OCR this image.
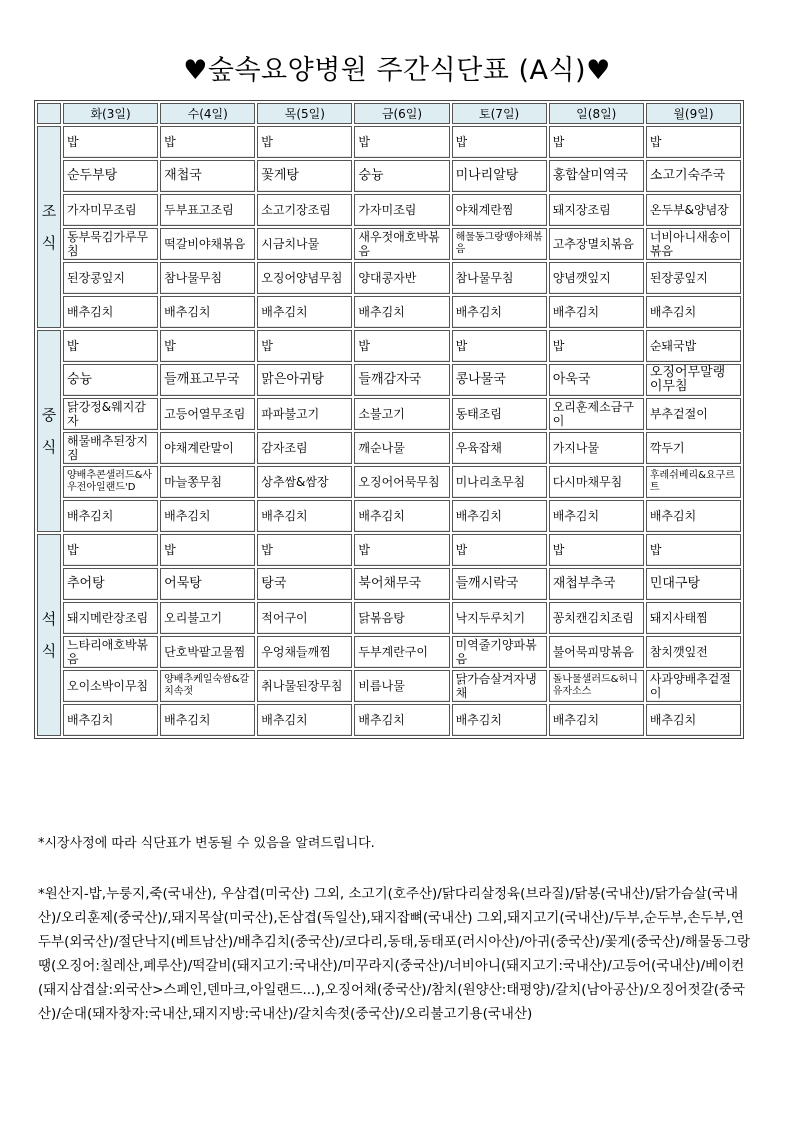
♥숲속요양병원 주간식단표 (A식)♥
	화(3일)	수(4일)	목(5일)	금(6일)	토(7일)	일(8일)	월(9일)
조
식	밥	밥	밥	밥	밥	밥	밥
	순두부탕	재첩국	꽃게탕	숭늉	미나리알탕	홍합살미역국	소고기숙주국
	가자미무조림	두부표고조림	소고기장조림	가자미조림	야채계란찜	돼지장조림	온두부&양념장
	동부묵김가루무침	떡갈비야채볶음	시금치나물	새우젓애호박볶음	해물동그랑땡야채볶음	고추장멸치볶음	너비아니새송이볶음
	된장콩잎지	참나물무침	오징어양념무침	양대콩자반	참나물무침	양념깻잎지	된장콩잎지
	배추김치	배추김치	배추김치	배추김치	배추김치	배추김치	배추김치
중
식	밥	밥	밥	밥	밥	밥	순돼국밥
	숭늉	들깨표고무국	맑은아귀탕	들깨감자국	콩나물국	아욱국	오징어무말랭이무침
	닭강정&웨지감자	고등어열무조림	파파불고기	소불고기	동태조림	오리훈제소금구이	부추겉절이
	해물배추된장지짐	야채계란말이	감자조림	깨순나물	우육잡채	가지나물	깍두기
	양배추콘샐러드&사우전아일랜드'D	마늘쫑무침	상추쌈&쌈장	오징어어묵무침	미나리초무침	다시마채무침	후레쉬베리&요구르트
	배추김치	배추김치	배추김치	배추김치	배추김치	배추김치	배추김치
석
식	밥	밥	밥	밥	밥	밥	밥
	추어탕	어묵탕	탕국	북어채무국	들깨시락국	재첩부추국	민대구탕
	돼지메란장조림	오리불고기	적어구이	닭볶음탕	낙지두루치기	꽁치캔김치조림	돼지사태찜
	느타리애호박볶음	단호박팥고물찜	우엉채들깨찜	두부계란구이	미역줄기양파볶음	불어묵피망볶음	참치깻잎전
	오이소박이무침	양배추케일숙쌈&갈치속젓	취나물된장무침	비름나물	닭가슴살겨자냉채	돌나물샐러드&허니유자소스	사과양배추겉절이
	배추김치	배추김치	배추김치	배추김치	배추김치	배추김치	배추김치
*시장사정에 따라 식단표가 변동될 수 있음을 알려드립니다.
*원산지-밥,누룽지,죽(국내산), 우삼겹(미국산) 그외, 소고기(호주산)/닭다리살정육(브라질)/닭봉(국내산)/닭가슴살(국내산)/오리훈제(중국산)/,돼지목살(미국산),돈삼겹(독일산),돼지잡뼈(국내산) 그외,돼지고기(국내산)/두부,순두부,손두부,연두부(외국산)/절단낙지(베트남산)/배추김치(중국산)/코다리,동태,동태포(러시아산)/아귀(중국산)/꽃게(중국산)/해물동그랑땡(오징어:칠레산,페루산)/떡갈비(돼지고기:국내산)/미꾸라지(중국산)/너비아니(돼지고기:국내산)/고등어(국내산)/베이컨(돼지삼겹살:외국산>스페인,덴마크,아일랜드...),오징어채(중국산)/참치(원양산:태평양)/갈치(남아공산)/오징어젓갈(중국산)/순대(돼자창자:국내산,돼지지방:국내산)/갈치속젓(중국산)/오리불고기용(국내산)
